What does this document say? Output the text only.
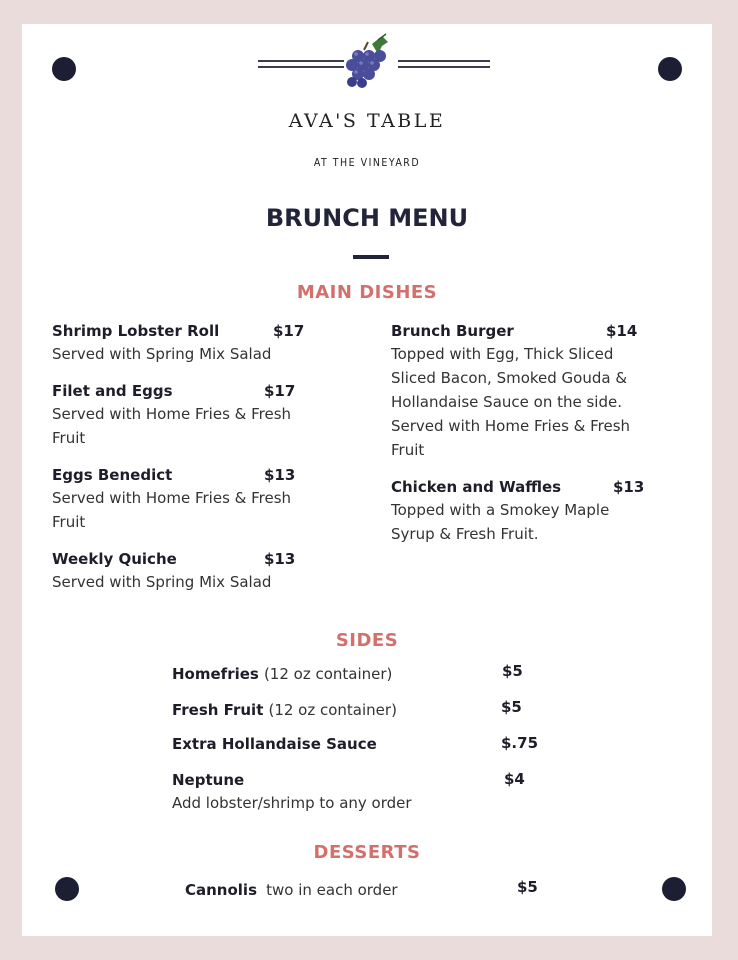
AVA'S TABLE
AT THE VINEYARD
BRUNCH MENU
MAIN DISHES
Shrimp Lobster Roll	$17
Served with Spring Mix Salad
Filet and Eggs	$17
Served with Home Fries & Fresh
Fruit
Eggs Benedict	$13
Served with Home Fries & Fresh
Fruit
Weekly Quiche	$13
Served with Spring Mix Salad
Brunch Burger	$14
Topped with Egg, Thick Sliced
Sliced Bacon, Smoked Gouda &
Hollandaise Sauce on the side.
Served with Home Fries & Fresh
Fruit
Chicken and Waffles	$13
Topped with a Smokey Maple
Syrup & Fresh Fruit.
SIDES
Homefries (12 oz container)	$5
Fresh Fruit (12 oz container)	$5
Extra Hollandaise Sauce	$.75
Neptune	$4
Add lobster/shrimp to any order
DESSERTS
Cannolis two in each order	$5
